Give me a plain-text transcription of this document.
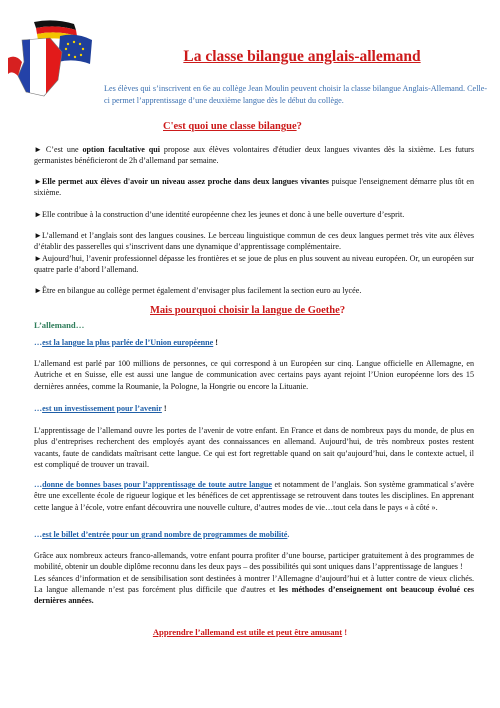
La classe bilangue anglais-allemand
Les élèves qui s’inscrivent en 6e au collège Jean Moulin peuvent choisir la classe bilangue Anglais-Allemand. Celle-ci permet l’apprentissage d’une deuxième langue dès le début du collège.
C'est quoi une classe bilangue?
► C’est une option facultative qui propose aux élèves volontaires d'étudier deux langues vivantes dès la sixième. Les futurs germanistes bénéficieront de 2h d’allemand par semaine.
►Elle permet aux élèves d'avoir un niveau assez proche dans deux langues vivantes puisque l'enseignement démarre plus tôt en sixième.
►Elle contribue à la construction d’une identité européenne chez les jeunes et donc à une belle ouverture d’esprit.
►L’allemand et l’anglais sont des langues cousines. Le berceau linguistique commun de ces deux langues permet très vite aux élèves d’établir des passerelles qui s’inscrivent dans une dynamique d’apprentissage complémentaire.
►Aujourd’hui, l’avenir professionnel dépasse les frontières et se joue de plus en plus souvent au niveau européen. Or, un européen sur quatre parle d’abord l’allemand.
►Être en bilangue au collège permet également d’envisager plus facilement la section euro au lycée.
Mais pourquoi choisir la langue de Goethe?
L’allemand…
…est la langue la plus parlée de l’Union européenne !
L’allemand est parlé par 100 millions de personnes, ce qui correspond à un Européen sur cinq. Langue officielle en Allemagne, en Autriche et en Suisse, elle est aussi une langue de communication avec certains pays ayant rejoint l’Union européenne lors des 15 dernières années, comme la Roumanie, la Pologne, la Hongrie ou encore la Lituanie.
…est un investissement pour l’avenir !
L’apprentissage de l’allemand ouvre les portes de l’avenir de votre enfant. En France et dans de nombreux pays du monde, de plus en plus d’entreprises recherchent des employés ayant des connaissances en allemand. Aujourd’hui, de très nombreux postes restent vacants, faute de candidats maîtrisant cette langue. Ce qui est fort regrettable quand on sait qu’aujourd’hui, dans le contexte actuel, il est compliqué de trouver un travail.
…donne de bonnes bases pour l’apprentissage de toute autre langue et notamment de l’anglais. Son système grammatical s’avère être une excellente école de rigueur logique et les bénéfices de cet apprentissage se retrouvent dans toutes les disciplines. En apprenant cette langue à l’école, votre enfant découvrira une nouvelle culture, d’autres modes de vie…tout cela dans le pays « à côté ».
…est le billet d’entrée pour un grand nombre de programmes de mobilité.
Grâce aux nombreux acteurs franco-allemands, votre enfant pourra profiter d’une bourse, participer gratuitement à des programmes de mobilité, obtenir un double diplôme reconnu dans les deux pays – des possibilités qui sont uniques dans l’apprentissage de langues !
Les séances d’information et de sensibilisation sont destinées à montrer l’Allemagne d’aujourd’hui et à lutter contre de vieux clichés. La langue allemande n’est pas forcément plus difficile que d'autres et les méthodes d’enseignement ont beaucoup évolué ces dernières années.
Apprendre l’allemand est utile et peut être amusant !
